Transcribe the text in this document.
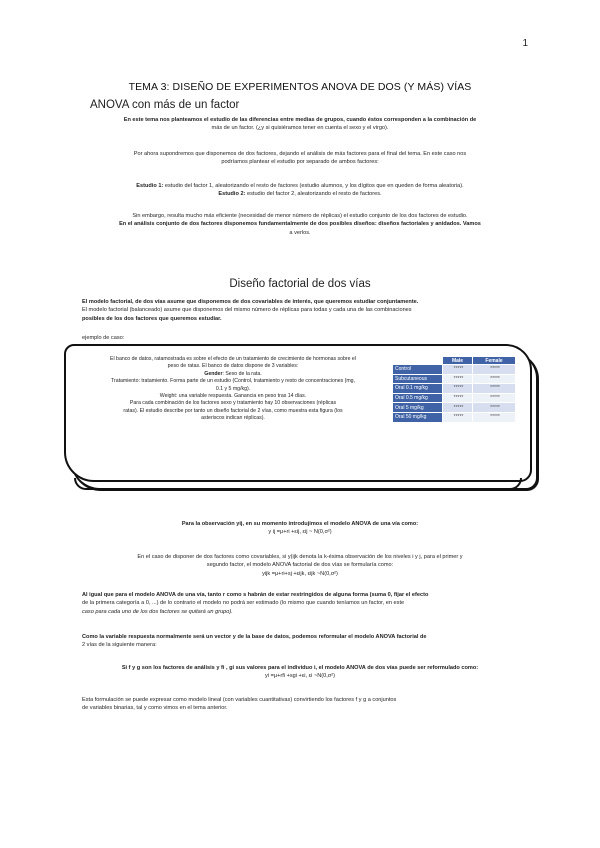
1
TEMA 3: DISEÑO DE EXPERIMENTOS ANOVA DE DOS (Y MÁS) VÍAS
ANOVA con más de un factor
En este tema nos planteamos el estudio de las diferencias entre medias de grupos, cuando éstos corresponden a la combinación de
más de un factor. (¿y si quisiéramos tener en cuenta el sexo y el virgo).
Por ahora supondremos que disponemos de dos factores, dejando el análisis de más factores para el final del tema. En este caso nos
podríamos plantear el estudio por separado de ambos factores:
Estudio 1: estudio del factor 1, aleatorizando el resto de factores (estudio alumnos, y los dígitos que en queden de forma aleatoria).
Estudio 2: estudio del factor 2, aleatorizando el resto de factores.
Sin embargo, resulta mucho más eficiente (necesidad de menor número de réplicas) el estudio conjunto de los dos factores de estudio.
En el análisis conjunto de dos factores disponemos fundamentalmente de dos posibles diseños: diseños factoriales y anidados. Vamos
a verlos.
Diseño factorial de dos vías
El modelo factorial, de dos vías asume que disponemos de dos covariables de interés, que queremos estudiar conjuntamente.
El modelo factorial (balanceado) asume que disponemos del mismo número de réplicas para todas y cada una de las combinaciones
posibles de los dos factores que queremos estudiar.
ejemplo de caso:
El banco de datos, ratamostrada es sobre el efecto de un tratamiento de crecimiento de hormonas sobre el
peso de ratas. El banco de datos dispone de 3 variables:
Gender: Sexo de la rata.
Tratamiento: tratamiento. Forma parte de un estudio (Control, tratamiento y resto de concentraciones (mg,
0.1 y 5 mg/kg).
Weight: una variable respuesta. Ganancia en peso tras 14 días.
Para cada combinación de los factores sexo y tratamiento hay 10 observaciones (réplicas
ratas). El estudio describe por tanto un diseño factorial de 2 vías, como muestra esta figura (los
asteriscos indican réplicas).
	Male	Female
Control	*****	*****
Subcutaneous	*****	*****
Oral 0.1 mg/kg	*****	*****
Oral 0.5 mg/kg	*****	*****
Oral 5 mg/kg	*****	*****
Oral 50 mg/kg	*****	*****
Para la observación yij, en su momento introdujimos el modelo ANOVA de una vía como:
y ij =μ+ri +εij, εij ~ N(0,σ²)
En el caso de disponer de dos factores como covariables, si y(ijk denota la k-ésima observación de los niveles i y j, para el primer y
segundo factor, el modelo ANOVA factorial de dos vías se formularía como:
yijk =μ+ri+sj +εijk, εijk ~N(0,σ²)
Al igual que para el modelo ANOVA de una vía, tanto r como s habrán de estar restringidos de alguna forma (suma 0, fijar el efecto
de la primera categoría a 0, ...) de lo contrario el modelo no podrá ser estimado (lo mismo que cuando teníamos un factor, en este
caso para cada uno de los dos factores se quitará un grupo).
Como la variable respuesta normalmente será un vector y de la base de datos, podemos reformular el modelo ANOVA factorial de
2 vías de la siguiente manera:
Si f y g son los factores de análisis y fi , gi sus valores para el individuo i, el modelo ANOVA de dos vías puede ser reformulado como:
yi =μ+rfi +sgi +εi, εi ~N(0,σ²)
Esta formulación se puede expresar como modelo lineal (con variables cuantitativas) convirtiendo los factores f y g a conjuntos
de variables binarias, tal y como vimos en el tema anterior.
